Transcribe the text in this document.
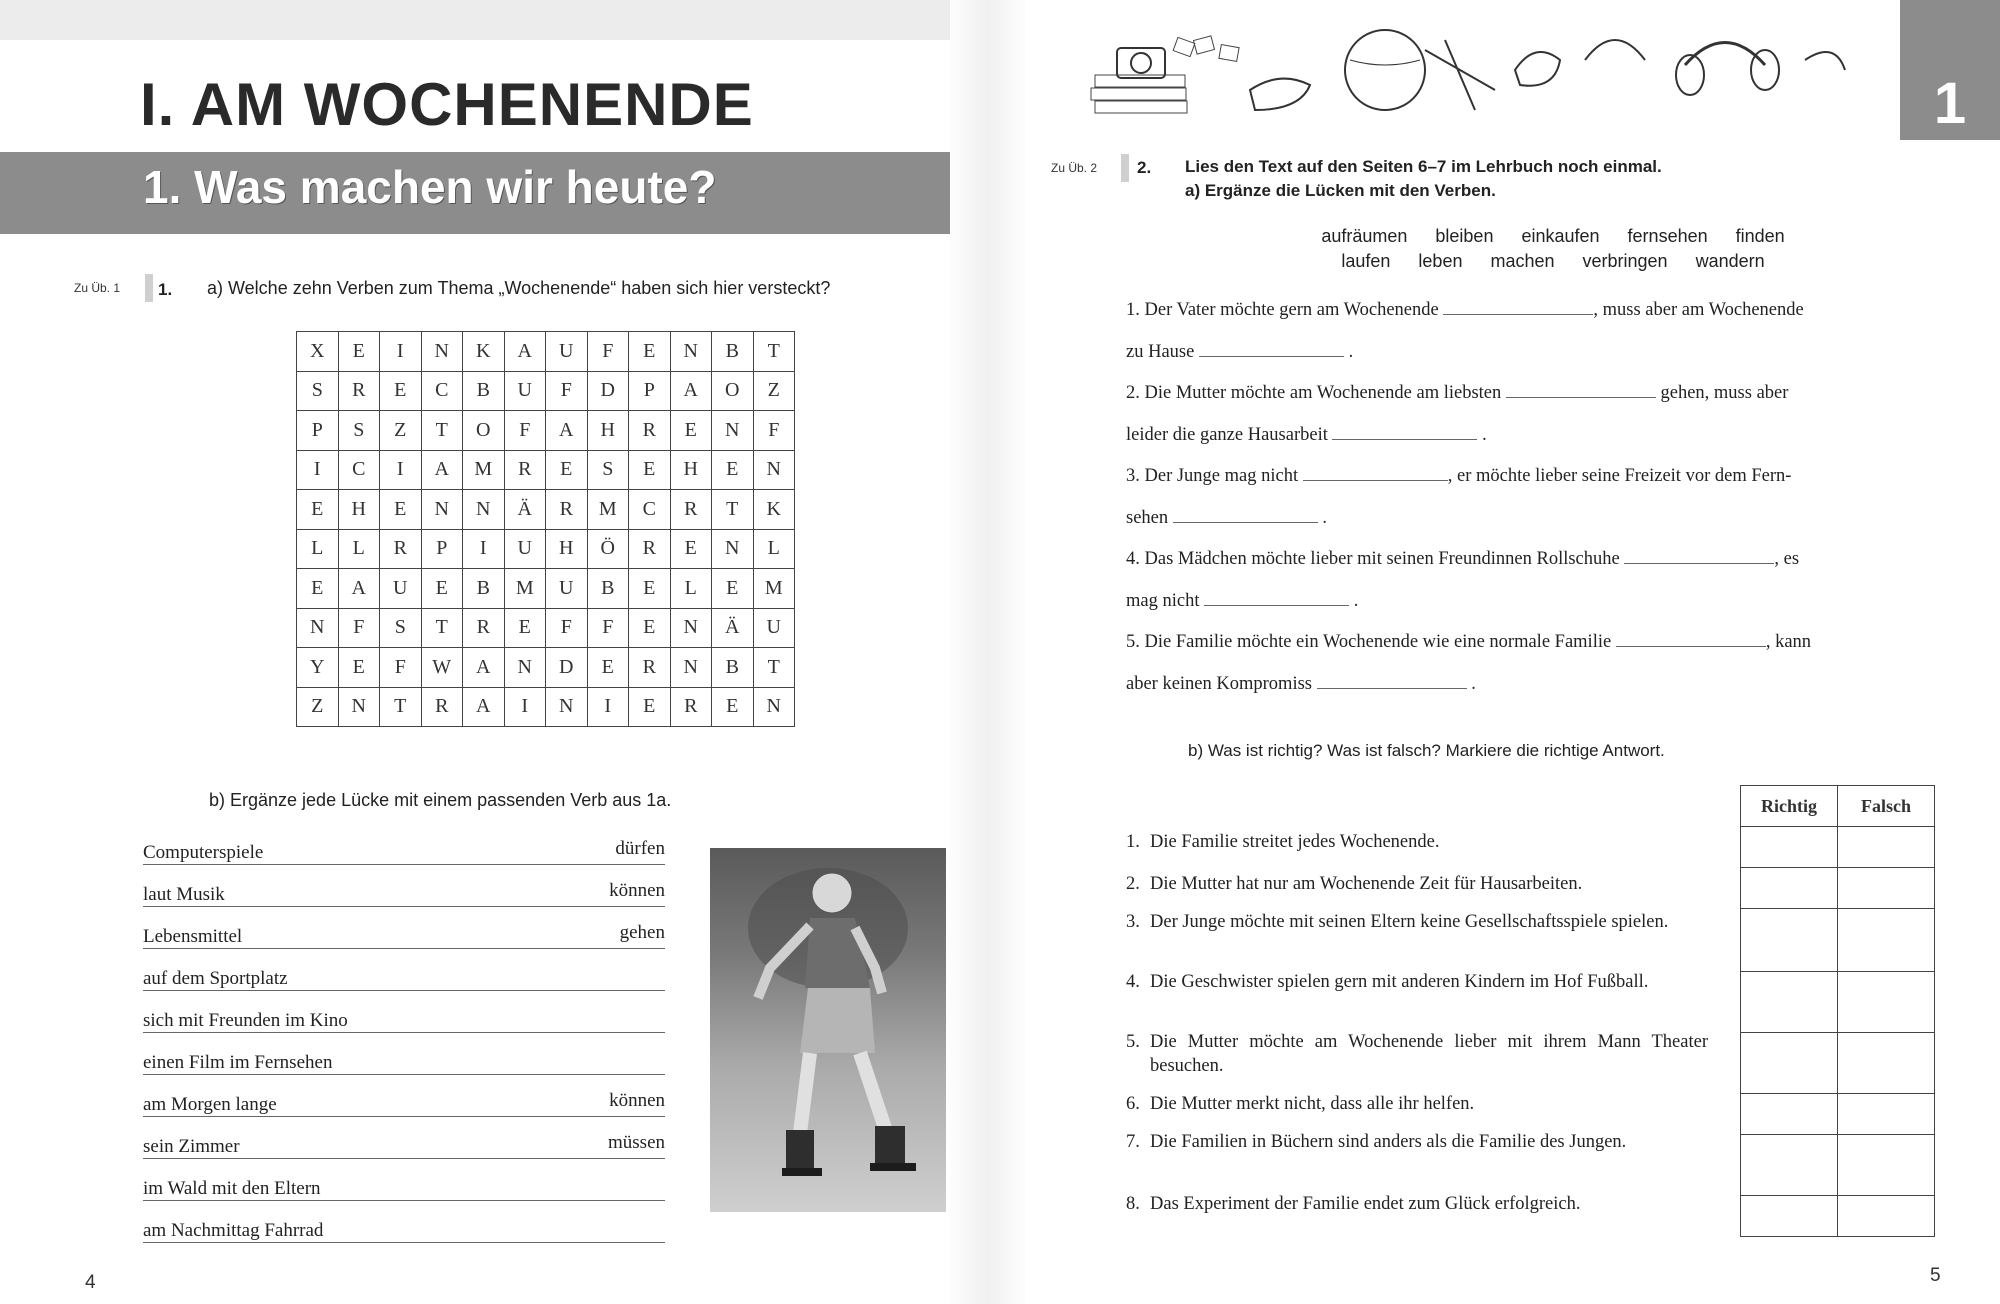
I. AM WOCHENENDE
1. Was machen wir heute?
Zu Üb. 1 1. a) Welche zehn Verben zum Thema „Wochenende“ haben sich hier versteckt?
X	E	I	N	K	A	U	F	E	N	B	T
S	R	E	C	B	U	F	D	P	A	O	Z
P	S	Z	T	O	F	A	H	R	E	N	F
I	C	I	A	M	R	E	S	E	H	E	N
E	H	E	N	N	Ä	R	M	C	R	T	K
L	L	R	P	I	U	H	Ö	R	E	N	L
E	A	U	E	B	M	U	B	E	L	E	M
N	F	S	T	R	E	F	F	E	N	Ä	U
Y	E	F	W	A	N	D	E	R	N	B	T
Z	N	T	R	A	I	N	I	E	R	E	N
b) Ergänze jede Lücke mit einem passenden Verb aus 1a.
Computerspiele	dürfen
laut Musik	können
Lebensmittel	gehen
auf dem Sportplatz
sich mit Freunden im Kino
einen Film im Fernsehen
am Morgen lange	können
sein Zimmer	müssen
im Wald mit den Eltern
am Nachmittag Fahrrad
4
1
Zu Üb. 2 2. Lies den Text auf den Seiten 6–7 im Lehrbuch noch einmal.
a) Ergänze die Lücken mit den Verben.
aufräumen bleiben einkaufen fernsehen finden
laufen leben machen verbringen wandern
1. Der Vater möchte gern am Wochenende	, muss aber am Wochenende
zu Hause	.
2. Die Mutter möchte am Wochenende am liebsten	gehen, muss aber
leider die ganze Hausarbeit	.
3. Der Junge mag nicht	, er möchte lieber seine Freizeit vor dem Fern-
sehen	.
4. Das Mädchen möchte lieber mit seinen Freundinnen Rollschuhe	, es
mag nicht	.
5. Die Familie möchte ein Wochenende wie eine normale Familie	, kann
aber keinen Kompromiss	.
b) Was ist richtig? Was ist falsch? Markiere die richtige Antwort.
1. Die Familie streitet jedes Wochenende.
2. Die Mutter hat nur am Wochenende Zeit für Hausarbeiten.
3. Der Junge möchte mit seinen Eltern keine Gesellschaftsspiele spielen.
4. Die Geschwister spielen gern mit anderen Kindern im Hof Fußball.
5. Die Mutter möchte am Wochenende lieber mit ihrem Mann Theater besuchen.
6. Die Mutter merkt nicht, dass alle ihr helfen.
7. Die Familien in Büchern sind anders als die Familie des Jungen.
8. Das Experiment der Familie endet zum Glück erfolgreich.
Richtig	Falsch

5
